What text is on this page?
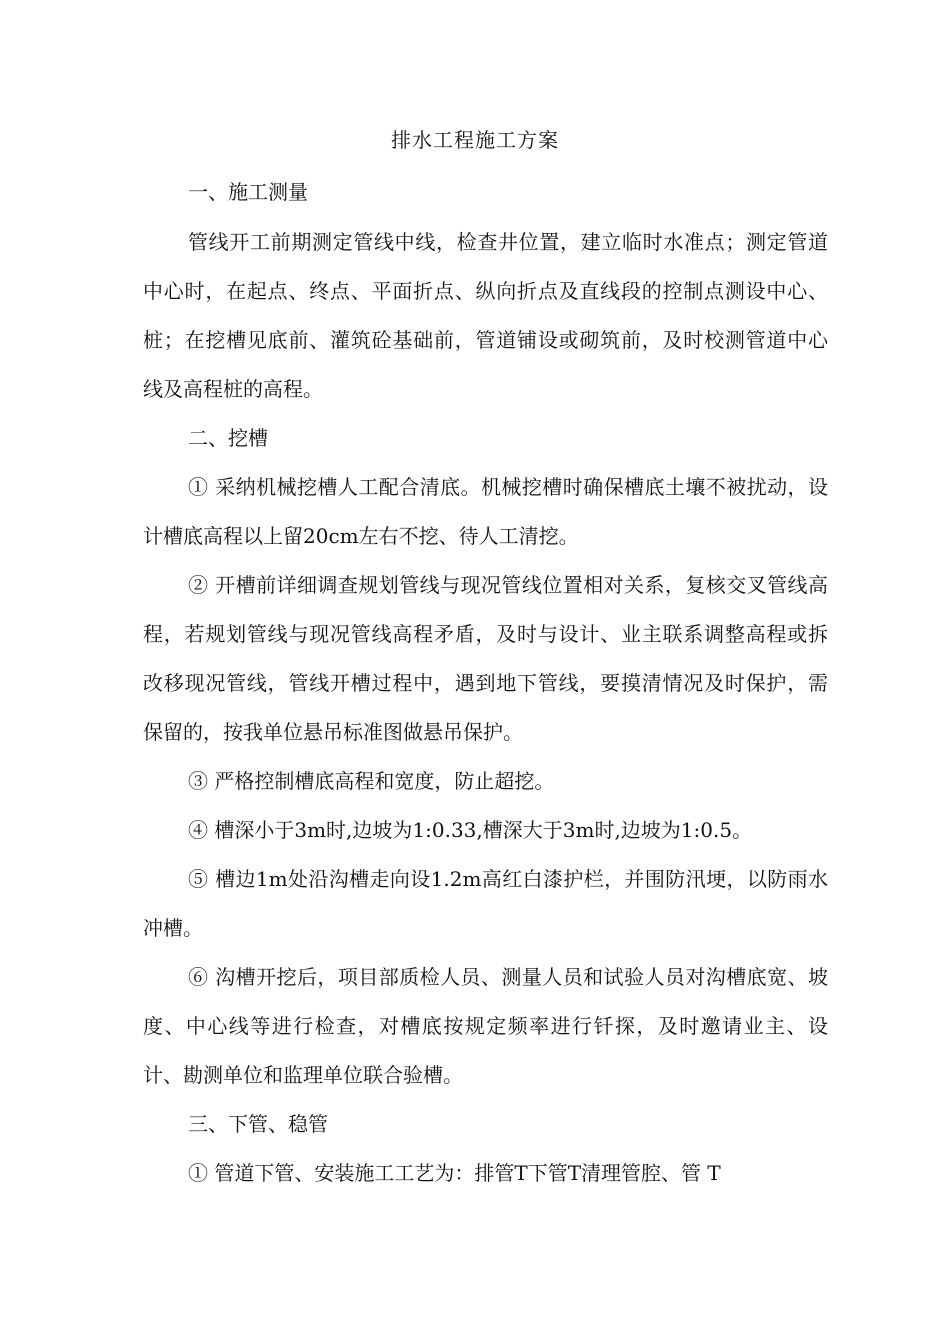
排水工程施工方案
一、施工测量
管线开工前期测定管线中线，检查井位置，建立临时水准点；测定管道
中心时，在起点、终点、平面折点、纵向折点及直线段的控制点测设中心、
桩；在挖槽见底前、灌筑砼基础前，管道铺设或砌筑前，及时校测管道中心
线及高程桩的高程。
二、挖槽
① 采纳机械挖槽人工配合清底。机械挖槽时确保槽底土壤不被扰动，设
计槽底高程以上留20cm左右不挖、待人工清挖。
② 开槽前详细调查规划管线与现况管线位置相对关系，复核交叉管线高
程，若规划管线与现况管线高程矛盾，及时与设计、业主联系调整高程或拆
改移现况管线，管线开槽过程中，遇到地下管线，要摸清情况及时保护，需
保留的，按我单位悬吊标准图做悬吊保护。
③ 严格控制槽底高程和宽度，防止超挖。
④ 槽深小于3m时,边坡为1:0.33,槽深大于3m时,边坡为1:0.5。
⑤ 槽边1m处沿沟槽走向设1.2m高红白漆护栏，并围防汛埂，以防雨水
冲槽。
⑥ 沟槽开挖后，项目部质检人员、测量人员和试验人员对沟槽底宽、坡
度、中心线等进行检查，对槽底按规定频率进行钎探，及时邀请业主、设
计、勘测单位和监理单位联合验槽。
三、下管、稳管
① 管道下管、安装施工工艺为：排管T下管T清理管腔、管 T
